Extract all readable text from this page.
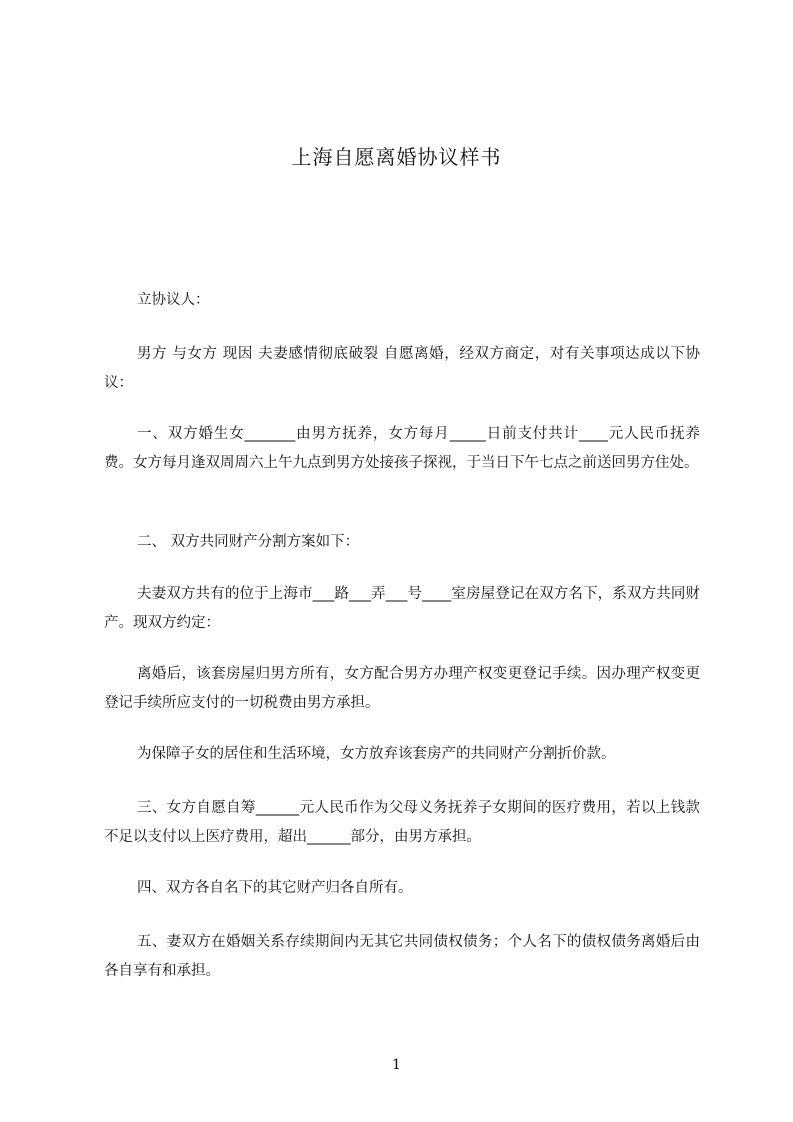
上海自愿离婚协议样书

立协议人：

男方 与女方 现因 夫妻感情彻底破裂 自愿离婚，经双方商定，对有关事项达成以下协议：

一、双方婚生女_______由男方抚养，女方每月_____日前支付共计____元人民币抚养费。女方每月逢双周周六上午九点到男方处接孩子探视，于当日下午七点之前送回男方住处。

二、 双方共同财产分割方案如下：

夫妻双方共有的位于上海市___路___弄___号____室房屋登记在双方名下，系双方共同财产。现双方约定：

离婚后，该套房屋归男方所有，女方配合男方办理产权变更登记手续。因办理产权变更登记手续所应支付的一切税费由男方承担。

为保障子女的居住和生活环境，女方放弃该套房产的共同财产分割折价款。

三、女方自愿自筹______元人民币作为父母义务抚养子女期间的医疗费用，若以上钱款不足以支付以上医疗费用，超出______部分，由男方承担。

四、双方各自名下的其它财产归各自所有。

五、妻双方在婚姻关系存续期间内无其它共同债权债务；个人名下的债权债务离婚后由各自享有和承担。

1
